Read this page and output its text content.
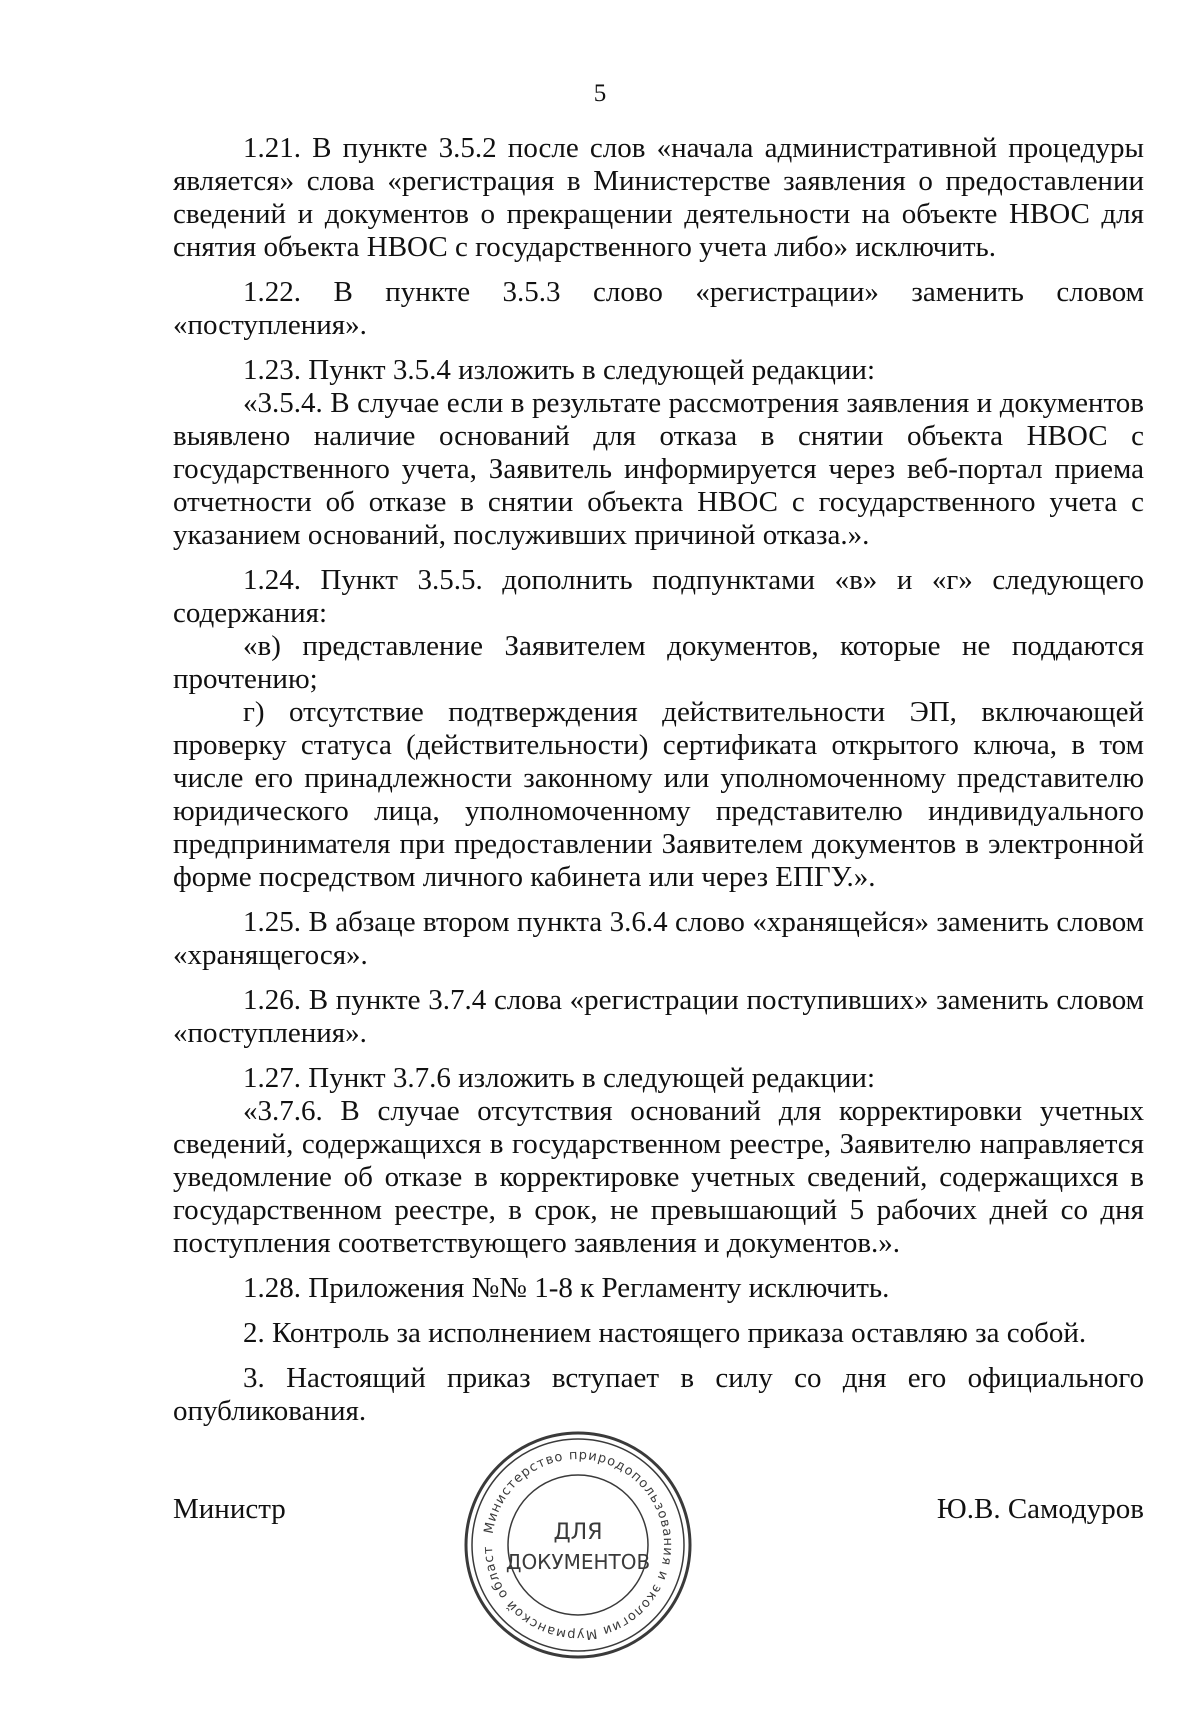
5

1.21. В пункте 3.5.2 после слов «начала административной процедуры является» слова «регистрация в Министерстве заявления о предоставлении сведений и документов о прекращении деятельности на объекте НВОС для снятия объекта НВОС с государственного учета либо» исключить.

1.22. В пункте 3.5.3 слово «регистрации» заменить словом «поступления».

1.23. Пункт 3.5.4 изложить в следующей редакции:

«3.5.4. В случае если в результате рассмотрения заявления и документов выявлено наличие оснований для отказа в снятии объекта НВОС с государственного учета, Заявитель информируется через веб-портал приема отчетности об отказе в снятии объекта НВОС с государственного учета с указанием оснований, послуживших причиной отказа.».

1.24. Пункт 3.5.5. дополнить подпунктами «в» и «г» следующего содержания:

«в) представление Заявителем документов, которые не поддаются прочтению;

г) отсутствие подтверждения действительности ЭП, включающей проверку статуса (действительности) сертификата открытого ключа, в том числе его принадлежности законному или уполномоченному представителю юридического лица, уполномоченному представителю индивидуального предпринимателя при предоставлении Заявителем документов в электронной форме посредством личного кабинета или через ЕПГУ.».

1.25. В абзаце втором пункта 3.6.4 слово «хранящейся» заменить словом «хранящегося».

1.26. В пункте 3.7.4 слова «регистрации поступивших» заменить словом «поступления».

1.27. Пункт 3.7.6 изложить в следующей редакции:

«3.7.6. В случае отсутствия оснований для корректировки учетных сведений, содержащихся в государственном реестре, Заявителю направляется уведомление об отказе в корректировке учетных сведений, содержащихся в государственном реестре, в срок, не превышающий 5 рабочих дней со дня поступления соответствующего заявления и документов.».

1.28. Приложения №№ 1-8 к Регламенту исключить.

2. Контроль за исполнением настоящего приказа оставляю за собой.

3. Настоящий приказ вступает в силу со дня его официального опубликования.

Министр	Ю.В. Самодуров
Министерство природопользования и экологии Мурманской област
ДЛЯ
ДОКУМЕНТОВ
